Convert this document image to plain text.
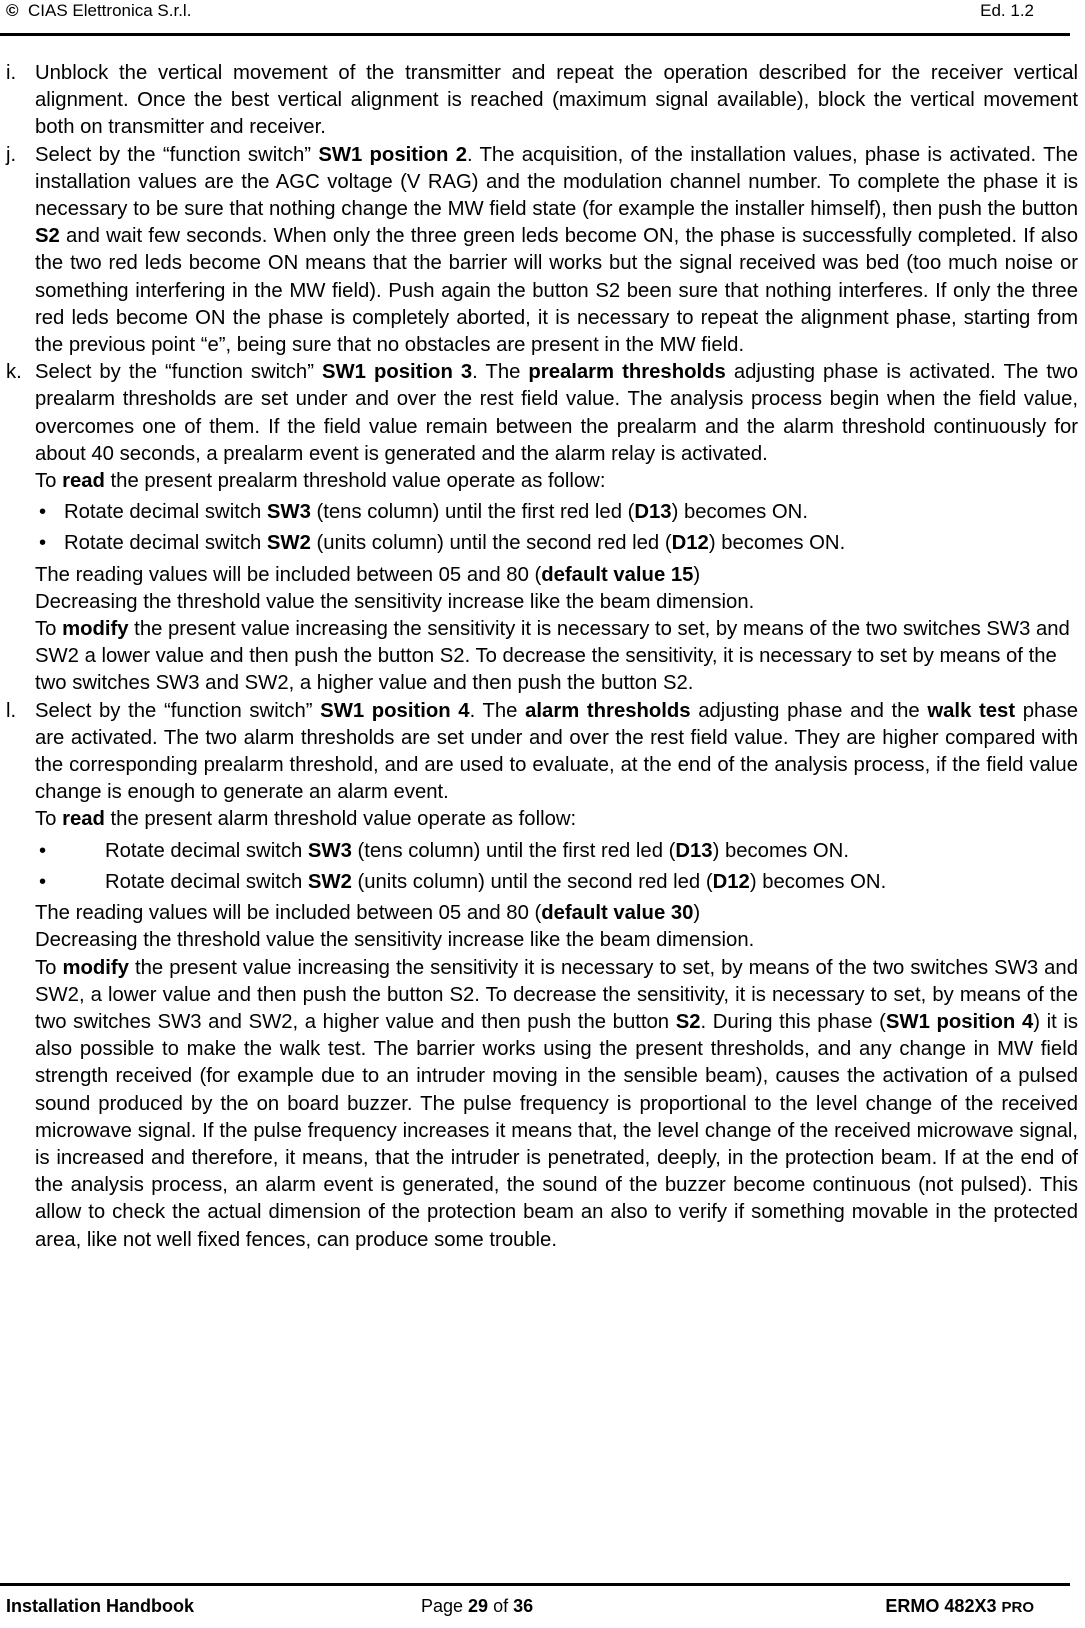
© CIAS Elettronica S.r.l.	Ed. 1.2
i. Unblock the vertical movement of the transmitter and repeat the operation described for the receiver vertical alignment. Once the best vertical alignment is reached (maximum signal available), block the vertical movement both on transmitter and receiver.
j. Select by the “function switch” SW1 position 2. The acquisition, of the installation values, phase is activated. The installation values are the AGC voltage (V RAG) and the modulation channel number. To complete the phase it is necessary to be sure that nothing change the MW field state (for example the installer himself), then push the button S2 and wait few seconds. When only the three green leds become ON, the phase is successfully completed. If also the two red leds become ON means that the barrier will works but the signal received was bed (too much noise or something interfering in the MW field). Push again the button S2 been sure that nothing interferes. If only the three red leds become ON the phase is completely aborted, it is necessary to repeat the alignment phase, starting from the previous point “e”, being sure that no obstacles are present in the MW field.
k. Select by the “function switch” SW1 position 3. The prealarm thresholds adjusting phase is activated. The two prealarm thresholds are set under and over the rest field value. The analysis process begin when the field value, overcomes one of them. If the field value remain between the prealarm and the alarm threshold continuously for about 40 seconds, a prealarm event is generated and the alarm relay is activated.
To read the present prealarm threshold value operate as follow:
• Rotate decimal switch SW3 (tens column) until the first red led (D13) becomes ON.
• Rotate decimal switch SW2 (units column) until the second red led (D12) becomes ON.
The reading values will be included between 05 and 80 (default value 15)
Decreasing the threshold value the sensitivity increase like the beam dimension.
To modify the present value increasing the sensitivity it is necessary to set, by means of the two switches SW3 and SW2 a lower value and then push the button S2. To decrease the sensitivity, it is necessary to set by means of the two switches SW3 and SW2, a higher value and then push the button S2.
l. Select by the “function switch” SW1 position 4. The alarm thresholds adjusting phase and the walk test phase are activated. The two alarm thresholds are set under and over the rest field value. They are higher compared with the corresponding prealarm threshold, and are used to evaluate, at the end of the analysis process, if the field value change is enough to generate an alarm event.
To read the present alarm threshold value operate as follow:
•	Rotate decimal switch SW3 (tens column) until the first red led (D13) becomes ON.
•	Rotate decimal switch SW2 (units column) until the second red led (D12) becomes ON.
The reading values will be included between 05 and 80 (default value 30)
Decreasing the threshold value the sensitivity increase like the beam dimension.
To modify the present value increasing the sensitivity it is necessary to set, by means of the two switches SW3 and SW2, a lower value and then push the button S2. To decrease the sensitivity, it is necessary to set, by means of the two switches SW3 and SW2, a higher value and then push the button S2. During this phase (SW1 position 4) it is also possible to make the walk test. The barrier works using the present thresholds, and any change in MW field strength received (for example due to an intruder moving in the sensible beam), causes the activation of a pulsed sound produced by the on board buzzer. The pulse frequency is proportional to the level change of the received microwave signal. If the pulse frequency increases it means that, the level change of the received microwave signal, is increased and therefore, it means, that the intruder is penetrated, deeply, in the protection beam. If at the end of the analysis process, an alarm event is generated, the sound of the buzzer become continuous (not pulsed). This allow to check the actual dimension of the protection beam an also to verify if something movable in the protected area, like not well fixed fences, can produce some trouble.
Installation Handbook	Page 29 of 36	ERMO 482X3 PRO
